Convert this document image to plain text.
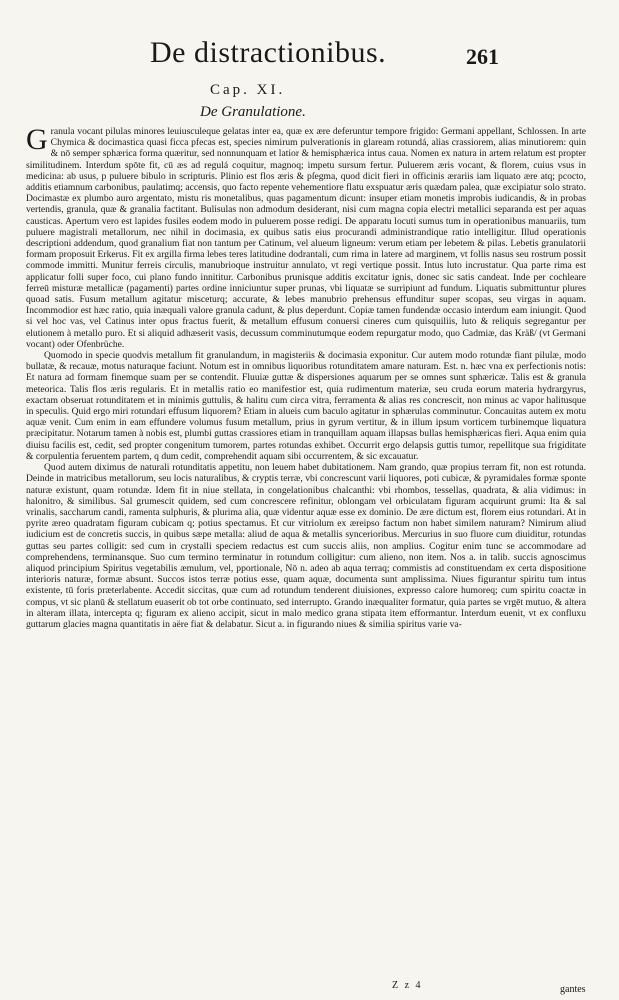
De distractionibus.	261
Cap. XI.
De Granulatione.

Granula vocant pilulas minores leuiusculeque gelatas inter ea, quæ ex ære deferuntur tempore frigido: Germani appellant, Schlossen. In arte Chymica & docimastica quasi ficca pfecas est, species nimirum pulverationis in glaream rotundá, alias crassiorem, alias minutiorem: quin & nō semper sphærica forma quæritur, sed nonnunquam et latior & hemisphærica intus caua. Nomen ex natura in artem relatum est propter similitudinem. Interdum spōte fit, cū æs ad regulá coquitur, magnoq; impetu sursum fertur. Puluerem æris vocant, & florem, cuius vsus in medicina: ab usus, p puluere bibulo in scripturis. Plinio est flos æris & pſegma, quod dicit fieri in officinis ærariis iam liquato ære atq; pcocto, additis etiamnum carbonibus, paulatimq; accensis, quo facto repente vehementiore flatu exspuatur æris quædam palea, quæ excipiatur solo strato. Docimastæ ex plumbo auro argentato, mistu ris monetalibus, quas pagamentum dicunt: insuper etiam monetis improbis iudicandis, & in probas vertendis, granula, quæ & granalia factitant. Bulisulas non admodum desiderant, nisi cum magna copia electri metallici separanda est per aquas causticas. Apertum vero est lapides fusiles eodem modo in puluerem posse redigi. De apparatu locuti sumus tum in operationibus manuariis, tum puluere magistrali metallorum, nec nihil in docimasia, ex quibus satis eius procurandi administrandique ratio intelligitur. Illud operationis descriptioni addendum, quod granalium fiat non tantum per Catinum, vel alueum ligneum: verum etiam per lebetem & pilas. Lebetis granulatorii formam proposuit Erkerus. Fit ex argilla firma lebes teres latitudine dodrantali, cum rima in latere ad marginem, vt follis nasus seu rostrum possit commode immitti. Munitur ferreis circulis, manubrioque instruitur annulato, vt regi vertique possit. Intus luto incrustatur. Qua parte rima est applicatur folli super foco, cui plano fundo innititur. Carbonibus prunisque additis excitatur ignis, donec sic satis candeat. Inde per cochleare ferreū misturæ metallicæ (pagamenti) partes ordine inniciuntur super prunas, vbi liquatæ se surripiunt ad fundum. Liquatis submittuntur plures quoad satis. Fusum metallum agitatur misceturq; accurate, & lebes manubrio prehensus effunditur super scopas, seu virgas in aquam. Incommodior est hæc ratio, quia inæquali valore granula cadunt, & plus deperdunt. Copiæ tamen fundendæ occasio interdum eam iniungit. Quod si vel hoc vas, vel Catinus inter opus fractus fuerit, & metallum effusum conuersi cineres cum quisquiliis, luto & reliquis segregantur per elutionem à metallo puro. Et si aliquid adhæserit vasis, decussum comminutumque eodem repurgatur modo, quo Cadmiæ, das Kräß/ (vt Germani vocant) oder Ofenbrüche.

Quomodo in specie quodvis metallum fit granulandum, in magisteriis & docimasia exponitur. Cur autem modo rotundæ fiant pilulæ, modo bullatæ, & recauæ, motus naturaque faciunt. Notum est in omnibus liquoribus rotunditatem amare naturam. Est. n. hæc vna ex perfectionis notis: Et natura ad formam finemque suam per se contendit. Fluuiæ guttæ & dispersiones aquarum per se omnes sunt sphæricæ. Talis est & granula meteorica. Talis flos æris regularis. Et in metallis ratio eo manifestior est, quia rudimentum materiæ, seu cruda eorum materia hydrargyrus, exactam obseruat rotunditatem et in minimis guttulis, & halitu cum circa vitra, ferramenta & alias res concrescit, non minus ac vapor halitusque in speculis. Quid ergo miri rotundari effusum liquorem? Etiam in alueis cum baculo agitatur in sphærulas comminutur. Concauitas autem ex motu aquæ venit. Cum enim in eam effundere volumus fusum metallum, prius in gyrum vertitur, & in illum ipsum vorticem turbinemque liquatura præcipitatur. Notarum tamen à nobis est, plumbi guttas crassiores etiam in tranquillam aquam illapsas bullas hemisphæricas fieri. Aqua enim quia diuisu facilis est, cedit, sed propter congenitum tumorem, partes rotundas exhibet. Occurrit ergo delapsis guttis tumor, repellitque sua frigiditate & corpulentia feruentem partem, q dum cedit, comprehendit aquam sibi occurrentem, & sic excauatur.

Quod autem diximus de naturali rotunditatis appetitu, non leuem habet dubitationem. Nam grando, quæ propius terram fit, non est rotunda. Deinde in matricibus metallorum, seu locis naturalibus, & cryptis terræ, vbi concrescunt varii liquores, poti cubicæ, & pyramidales formæ sponte naturæ existunt, quam rotundæ. Idem fit in niue stellata, in congelationibus chalcanthi: vbi rhombos, tessellas, quadrata, & alia vidimus: in halonitro, & similibus. Sal grumescit quidem, sed cum concrescere refinitur, oblongam vel orbiculatam figuram acquirunt grumi: Ita & sal vrinalis, saccharum candi, ramenta sulphuris, & plurima alia, quæ videntur aquæ esse ex dominio. De ære dictum est, florem eius rotundari. At in pyrite æreo quadratam figuram cubicam q; potius spectamus. Et cur vitriolum ex æreipso factum non habet similem naturam? Nimirum aliud iudicium est de concretis succis, in quibus sæpe metalla: aliud de aqua & metallis syncerioribus. Mercurius in suo fluore cum diuiditur, rotundas guttas seu partes colligit: sed cum in crystalli speciem redactus est cum succis aliis, non amplius. Cogitur enim tunc se accommodare ad comprehendens, terminansque. Suo cum termino terminatur in rotundum colligitur: cum alieno, non item. Nos a. in talib. succis agnoscimus aliquod principium Spiritus vegetabilis æmulum, vel, pportionale, Nō n. adeo ab aqua terraq; commistis ad constituendam ex certa dispositione interioris naturæ, formæ absunt. Succos istos terræ potius esse, quam aquæ, documenta sunt amplissima. Niues figurantur spiritu tum intus existente, tū foris præterlabente. Accedit siccitas, quæ cum ad rotundum tenderent diuisiones, expresso calore humoreq; cum spiritu coactæ in compus, vt sic planū & stellatum euaserit ob tot orbe continuato, sed interrupto. Grando inæqualiter formatur, quia partes se vrgēt mutuo, & altera in alteram illata, intercepta q; figuram ex alieno accipit, sicut in malo medico grana stipata item efformantur. Interdum euenit, vt ex confluxu guttarum glacies magna quantitatis in aëre fiat & delabatur. Sicut a. in figurando niues & similia spiritus varie va-

Z z 4	gantes
